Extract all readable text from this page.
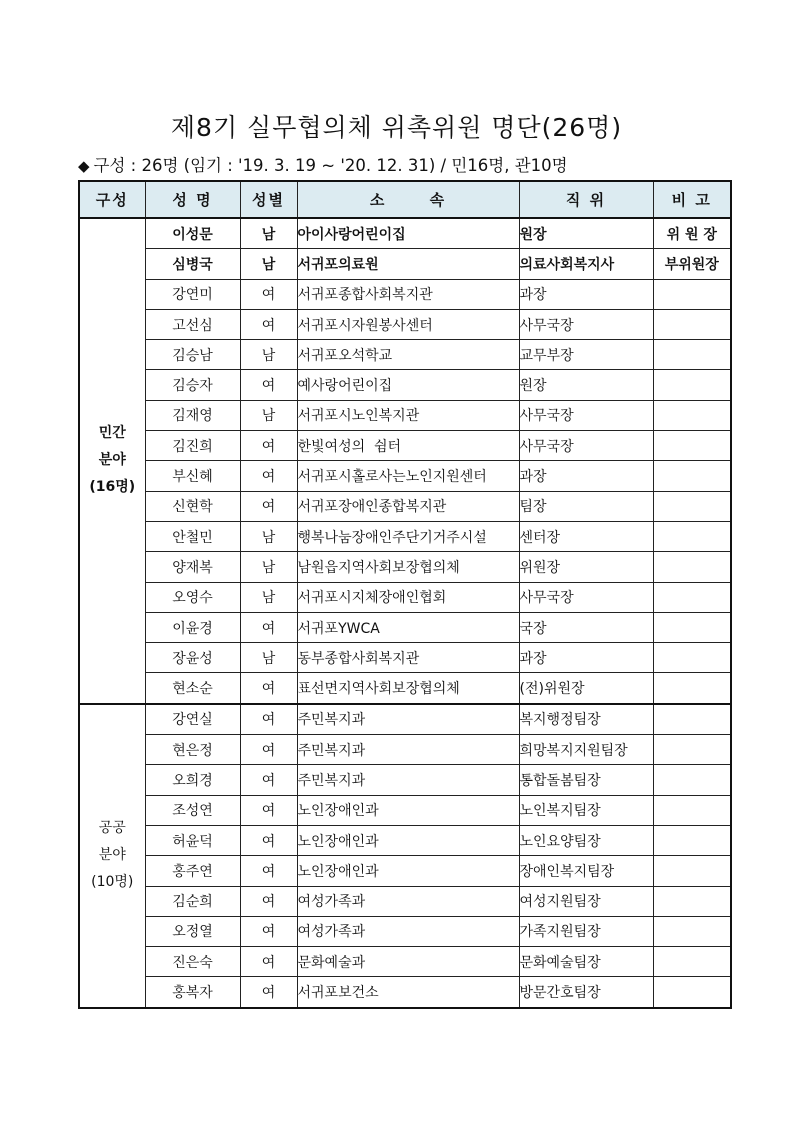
제8기 실무협의체 위촉위원 명단(26명)
◆ 구성 : 26명 (임기 : '19. 3. 19 ~ '20. 12. 31) / 민16명, 관10명
구성	성 명	성별	소      속	직 위	비 고

민간
분야
(16명)	이성문	남	아이사랑어린이집	원장	위 원 장
	심병국	남	서귀포의료원	의료사회복지사	부위원장
	강연미	여	서귀포종합사회복지관	과장	
	고선심	여	서귀포시자원봉사센터	사무국장	
	김승남	남	서귀포오석학교	교무부장	
	김승자	여	예사랑어린이집	원장	
	김재영	남	서귀포시노인복지관	사무국장	
	김진희	여	한빛여성의  쉼터	사무국장	
	부신혜	여	서귀포시홀로사는노인지원센터	과장	
	신현학	여	서귀포장애인종합복지관	팀장	
	안철민	남	행복나눔장애인주단기거주시설	센터장	
	양재복	남	남원읍지역사회보장협의체	위원장	
	오영수	남	서귀포시지체장애인협회	사무국장	
	이윤경	여	서귀포YWCA	국장	
	장윤성	남	동부종합사회복지관	과장	
	현소순	여	표선면지역사회보장협의체	(전)위원장	

공공
분야
(10명)	강연실	여	주민복지과	복지행정팀장	
	현은정	여	주민복지과	희망복지지원팀장	
	오희경	여	주민복지과	통합돌봄팀장	
	조성연	여	노인장애인과	노인복지팀장	
	허윤덕	여	노인장애인과	노인요양팀장	
	홍주연	여	노인장애인과	장애인복지팀장	
	김순희	여	여성가족과	여성지원팀장	
	오정열	여	여성가족과	가족지원팀장	
	진은숙	여	문화예술과	문화예술팀장	
	홍복자	여	서귀포보건소	방문간호팀장	
